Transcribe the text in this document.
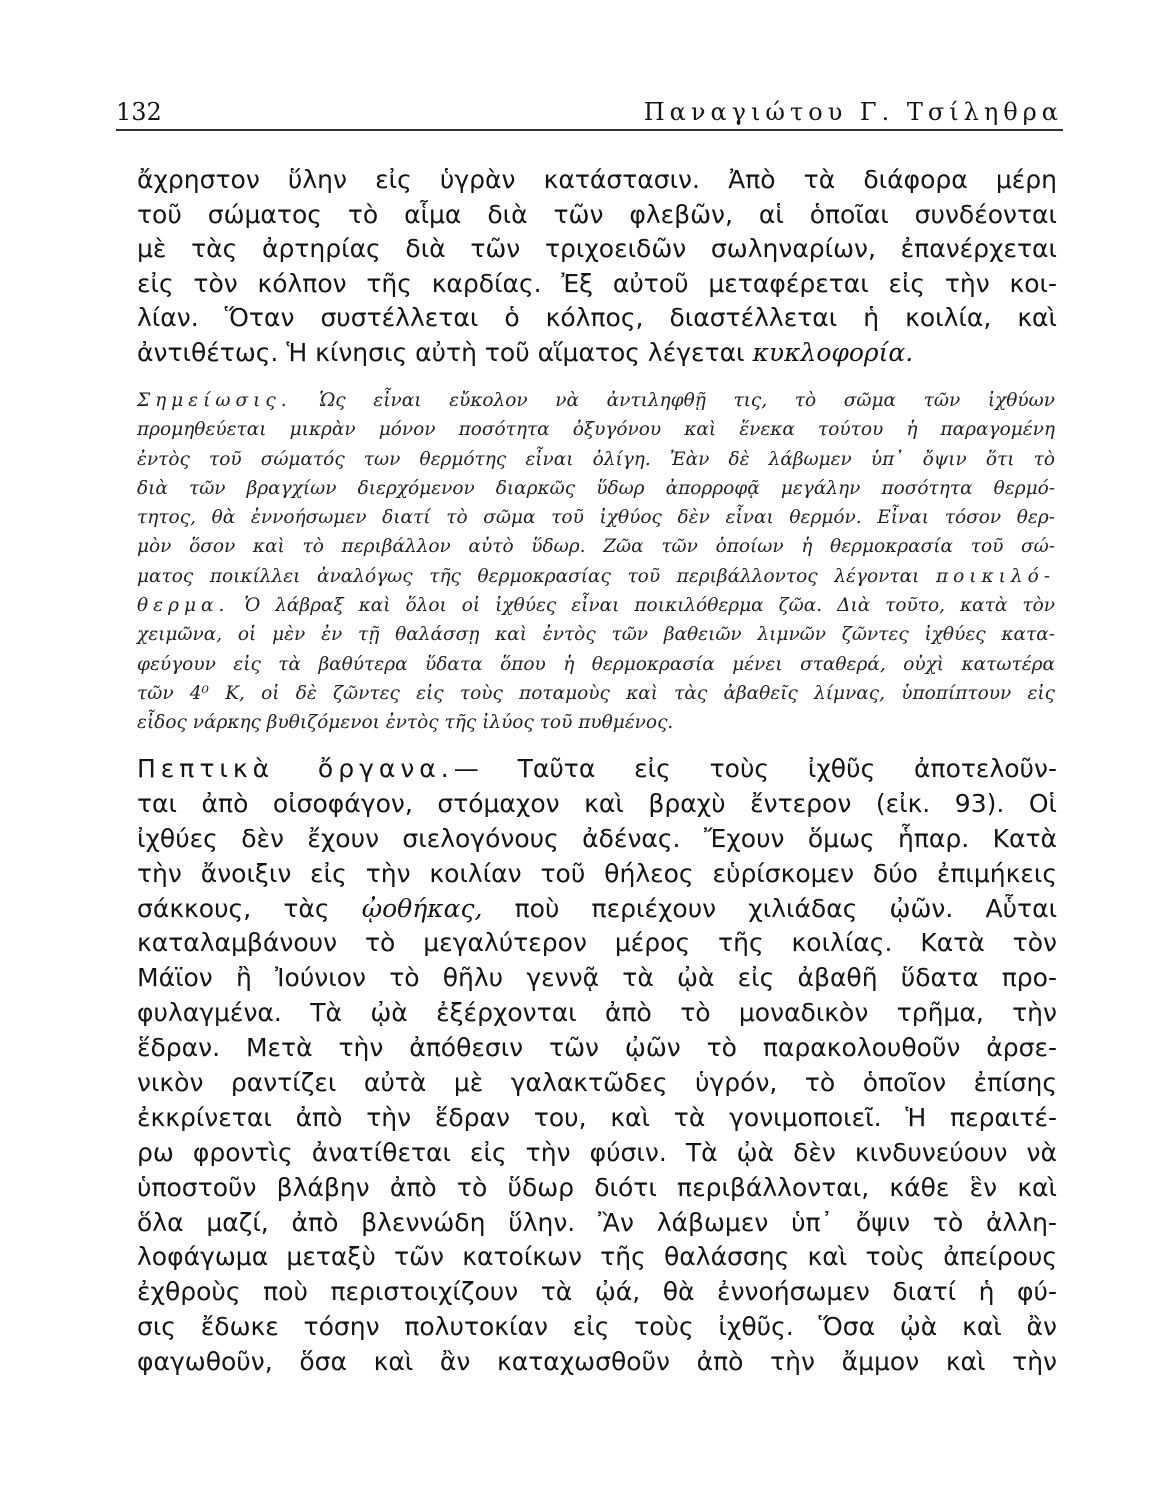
132	Παναγιώτου Γ. Τσίληθρα
ἄχρηστον ὕλην εἰς ὑγρὰν κατάστασιν. Ἀπὸ τὰ διάφορα μέρη
τοῦ σώματος τὸ αἷμα διὰ τῶν φλεβῶν, αἱ ὁποῖαι συνδέονται
μὲ τὰς ἀρτηρίας διὰ τῶν τριχοειδῶν σωληναρίων, ἐπανέρχεται
εἰς τὸν κόλπον τῆς καρδίας. Ἐξ αὐτοῦ μεταφέρεται εἰς τὴν κοι-
λίαν. Ὅταν συστέλλεται ὁ κόλπος, διαστέλλεται ἡ κοιλία, καὶ
ἀντιθέτως. Ἡ κίνησις αὐτὴ τοῦ αἵματος λέγεται κυκλοφορία.
Σημείωσις. Ὡς εἶναι εὔκολον νὰ ἀντιληφθῇ τις, τὸ σῶμα τῶν ἰχθύων
προμηθεύεται μικρὰν μόνον ποσότητα ὀξυγόνου καὶ ἕνεκα τούτου ἡ παραγομένη
ἐντὸς τοῦ σώματός των θερμότης εἶναι ὀλίγη. Ἐὰν δὲ λάβωμεν ὑπ᾽ ὄψιν ὅτι τὸ
διὰ τῶν βραγχίων διερχόμενον διαρκῶς ὕδωρ ἀπορροφᾷ μεγάλην ποσότητα θερμό-
τητος, θὰ ἐννοήσωμεν διατί τὸ σῶμα τοῦ ἰχθύος δὲν εἶναι θερμόν. Εἶναι τόσον θερ-
μὸν ὅσον καὶ τὸ περιβάλλον αὐτὸ ὕδωρ. Ζῶα τῶν ὁποίων ἡ θερμοκρασία τοῦ σώ-
ματος ποικίλλει ἀναλόγως τῆς θερμοκρασίας τοῦ περιβάλλοντος λέγονται ποικιλό-
θερμα. Ὁ λάβραξ καὶ ὅλοι οἱ ἰχθύες εἶναι ποικιλόθερμα ζῶα. Διὰ τοῦτο, κατὰ τὸν
χειμῶνα, οἱ μὲν ἐν τῇ θαλάσσῃ καὶ ἐντὸς τῶν βαθειῶν λιμνῶν ζῶντες ἰχθύες κατα-
φεύγουν εἰς τὰ βαθύτερα ὕδατα ὅπου ἡ θερμοκρασία μένει σταθερά, οὐχὶ κατωτέρα
τῶν 4⁰ Κ, οἱ δὲ ζῶντες εἰς τοὺς ποταμοὺς καὶ τὰς ἀβαθεῖς λίμνας, ὑποπίπτουν εἰς
εἶδος νάρκης βυθιζόμενοι ἐντὸς τῆς ἰλύος τοῦ πυθμένος.
Πεπτικὰ ὄργανα.— Ταῦτα εἰς τοὺς ἰχθῦς ἀποτελοῦν-
ται ἀπὸ οἰσοφάγον, στόμαχον καὶ βραχὺ ἔντερον (εἰκ. 93). Οἱ
ἰχθύες δὲν ἔχουν σιελογόνους ἀδένας. Ἔχουν ὅμως ἧπαρ. Κατὰ
τὴν ἄνοιξιν εἰς τὴν κοιλίαν τοῦ θήλεος εὑρίσκομεν δύο ἐπιμήκεις
σάκκους, τὰς ᾠοθήκας, ποὺ περιέχουν χιλιάδας ᾠῶν. Αὗται
καταλαμβάνουν τὸ μεγαλύτερον μέρος τῆς κοιλίας. Κατὰ τὸν
Μάϊον ἢ Ἰούνιον τὸ θῆλυ γεννᾷ τὰ ᾠὰ εἰς ἀβαθῆ ὕδατα προ-
φυλαγμένα. Τὰ ᾠὰ ἐξέρχονται ἀπὸ τὸ μοναδικὸν τρῆμα, τὴν
ἕδραν. Μετὰ τὴν ἀπόθεσιν τῶν ᾠῶν τὸ παρακολουθοῦν ἀρσε-
νικὸν ραντίζει αὐτὰ μὲ γαλακτῶδες ὑγρόν, τὸ ὁποῖον ἐπίσης
ἐκκρίνεται ἀπὸ τὴν ἕδραν του, καὶ τὰ γονιμοποιεῖ. Ἡ περαιτέ-
ρω φροντὶς ἀνατίθεται εἰς τὴν φύσιν. Τὰ ᾠὰ δὲν κινδυνεύουν νὰ
ὑποστοῦν βλάβην ἀπὸ τὸ ὕδωρ διότι περιβάλλονται, κάθε ἓν καὶ
ὅλα μαζί, ἀπὸ βλεννώδη ὕλην. Ἂν λάβωμεν ὑπ᾽ ὄψιν τὸ ἀλλη-
λοφάγωμα μεταξὺ τῶν κατοίκων τῆς θαλάσσης καὶ τοὺς ἀπείρους
ἐχθροὺς ποὺ περιστοιχίζουν τὰ ᾠά, θὰ ἐννοήσωμεν διατί ἡ φύ-
σις ἔδωκε τόσην πολυτοκίαν εἰς τοὺς ἰχθῦς. Ὅσα ᾠὰ καὶ ἂν
φαγωθοῦν, ὅσα καὶ ἂν καταχωσθοῦν ἀπὸ τὴν ἄμμον καὶ τὴν
